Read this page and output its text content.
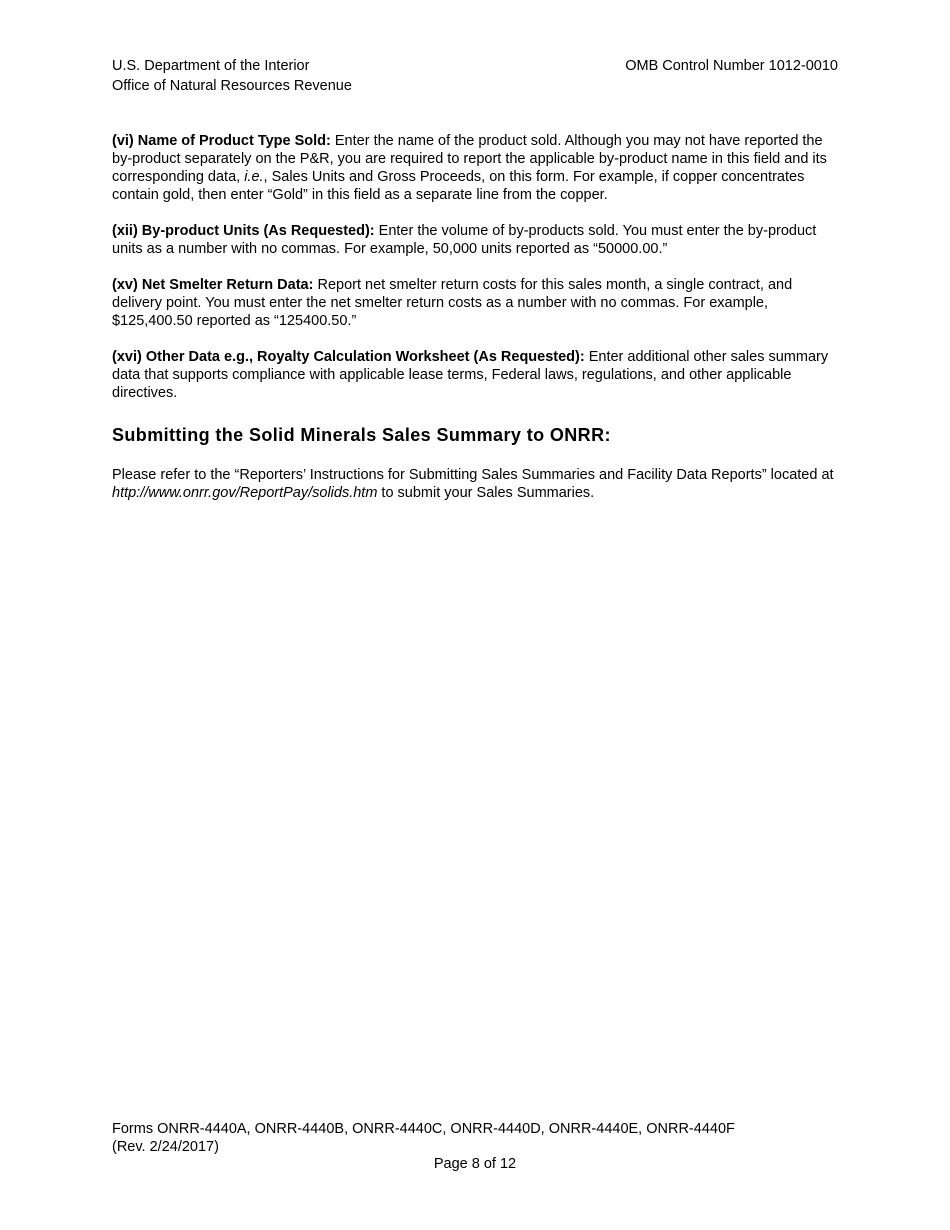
U.S. Department of the Interior
Office of Natural Resources Revenue
OMB Control Number 1012-0010

(vi) Name of Product Type Sold: Enter the name of the product sold. Although you may not have reported the by-product separately on the P&R, you are required to report the applicable by-product name in this field and its corresponding data, i.e., Sales Units and Gross Proceeds, on this form. For example, if copper concentrates contain gold, then enter “Gold” in this field as a separate line from the copper.

(xii) By-product Units (As Requested): Enter the volume of by-products sold. You must enter the by-product units as a number with no commas. For example, 50,000 units reported as “50000.00.”

(xv) Net Smelter Return Data: Report net smelter return costs for this sales month, a single contract, and delivery point. You must enter the net smelter return costs as a number with no commas. For example, $125,400.50 reported as “125400.50.”

(xvi) Other Data e.g., Royalty Calculation Worksheet (As Requested): Enter additional other sales summary data that supports compliance with applicable lease terms, Federal laws, regulations, and other applicable directives.

Submitting the Solid Minerals Sales Summary to ONRR:

Please refer to the “Reporters’ Instructions for Submitting Sales Summaries and Facility Data Reports” located at http://www.onrr.gov/ReportPay/solids.htm to submit your Sales Summaries.

Forms ONRR-4440A, ONRR-4440B, ONRR-4440C, ONRR-4440D, ONRR-4440E, ONRR-4440F
(Rev. 2/24/2017)
Page 8 of 12
